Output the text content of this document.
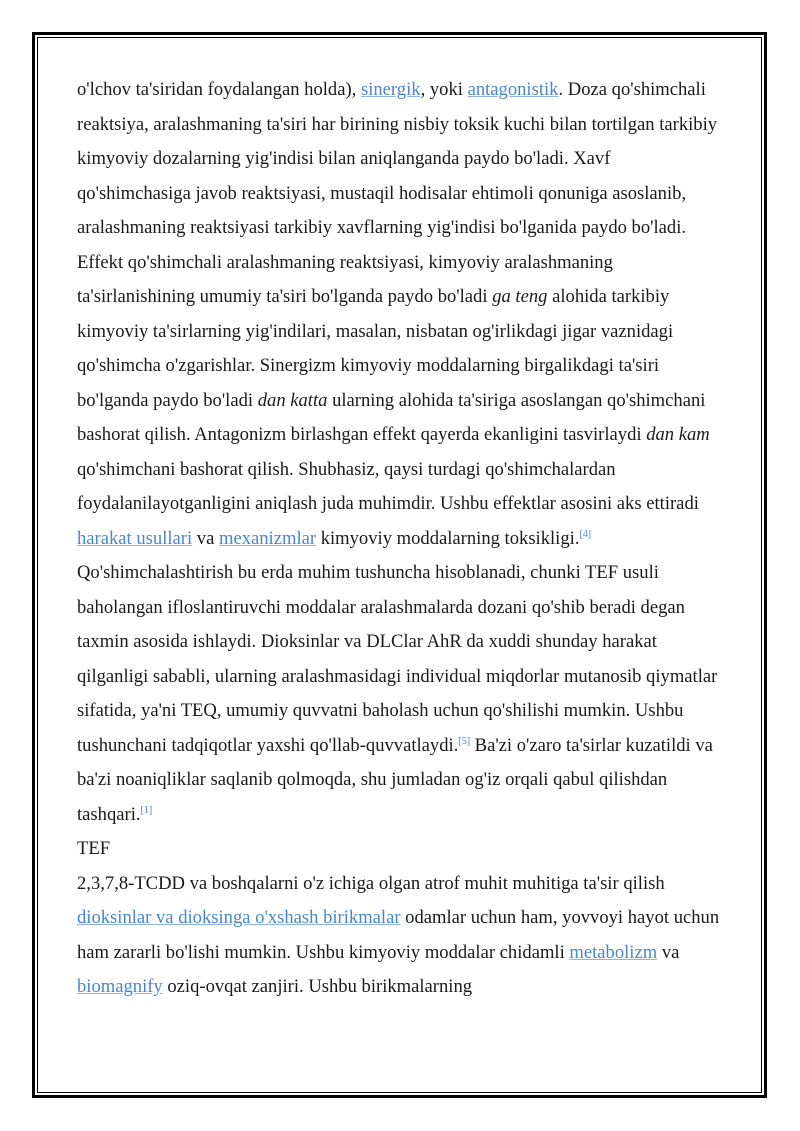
o'lchov ta'siridan foydalangan holda), sinergik, yoki antagonistik. Doza qo'shimchali reaktsiya, aralashmaning ta'siri har birining nisbiy toksik kuchi bilan tortilgan tarkibiy kimyoviy dozalarning yig'indisi bilan aniqlanganda paydo bo'ladi. Xavf qo'shimchasiga javob reaktsiyasi, mustaqil hodisalar ehtimoli qonuniga asoslanib, aralashmaning reaktsiyasi tarkibiy xavflarning yig'indisi bo'lganida paydo bo'ladi. Effekt qo'shimchali aralashmaning reaktsiyasi, kimyoviy aralashmaning ta'sirlanishining umumiy ta'siri bo'lganda paydo bo'ladi ga teng alohida tarkibiy kimyoviy ta'sirlarning yig'indilari, masalan, nisbatan og'irlikdagi jigar vaznidagi qo'shimcha o'zgarishlar. Sinergizm kimyoviy moddalarning birgalikdagi ta'siri bo'lganda paydo bo'ladi dan katta ularning alohida ta'siriga asoslangan qo'shimchani bashorat qilish. Antagonizm birlashgan effekt qayerda ekanligini tasvirlaydi dan kam qo'shimchani bashorat qilish. Shubhasiz, qaysi turdagi qo'shimchalardan foydalanilayotganligini aniqlash juda muhimdir. Ushbu effektlar asosini aks ettiradi harakat usullari va mexanizmlar kimyoviy moddalarning toksikligi.[4] Qo'shimchalashtirish bu erda muhim tushuncha hisoblanadi, chunki TEF usuli baholangan ifloslantiruvchi moddalar aralashmalarda dozani qo'shib beradi degan taxmin asosida ishlaydi. Dioksinlar va DLClar AhR da xuddi shunday harakat qilganligi sababli, ularning aralashmasidagi individual miqdorlar mutanosib qiymatlar sifatida, ya'ni TEQ, umumiy quvvatni baholash uchun qo'shilishi mumkin. Ushbu tushunchani tadqiqotlar yaxshi qo'llab-quvvatlaydi.[5] Ba'zi o'zaro ta'sirlar kuzatildi va ba'zi noaniqliklar saqlanib qolmoqda, shu jumladan og'iz orqali qabul qilishdan tashqari.[1]

TEF

2,3,7,8-TCDD va boshqalarni o'z ichiga olgan atrof muhit muhitiga ta'sir qilish dioksinlar va dioksinga o'xshash birikmalar odamlar uchun ham, yovvoyi hayot uchun ham zararli bo'lishi mumkin. Ushbu kimyoviy moddalar chidamli metabolizm va biomagnify oziq-ovqat zanjiri. Ushbu birikmalarning
